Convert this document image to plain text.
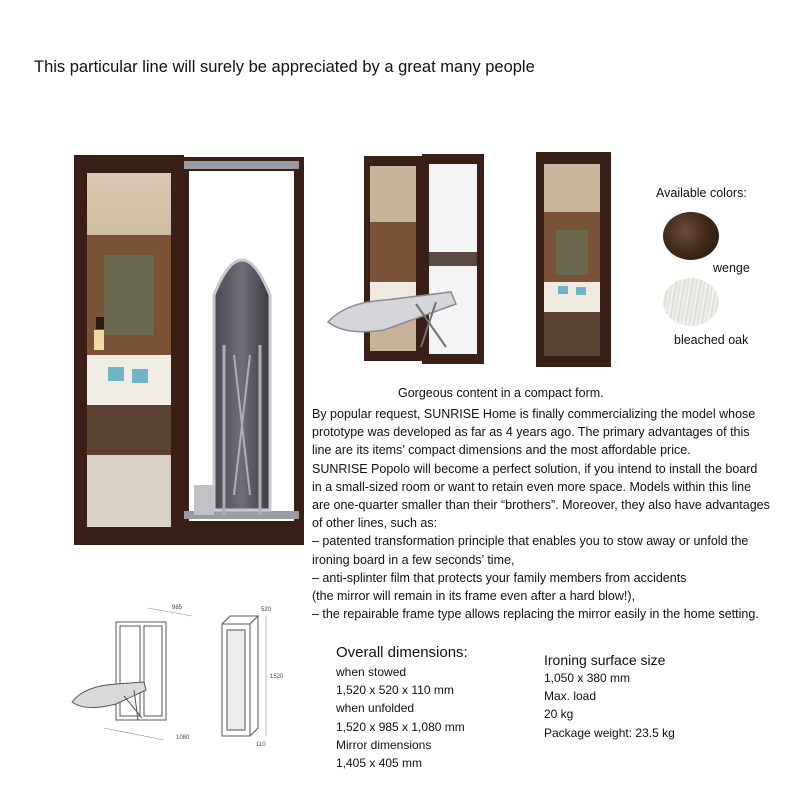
This particular line will surely be appreciated by a great many people
Available colors:
wenge
bleached oak
Gorgeous content in a compact form.
By popular request, SUNRISE Home is finally commercializing the model whose
prototype was developed as far as 4 years ago. The primary advantages of this
line are its items’ compact dimensions and the most affordable price.
SUNRISE Popolo will become a perfect solution, if you intend to install the board
in a small-sized room or want to retain even more space. Models within this line
are one-quarter smaller than their “brothers”. Moreover, they also have advantages
of other lines, such as:
– patented transformation principle that enables you to stow away or unfold the
ironing board in a few seconds’ time,
– anti-splinter film that protects your family members from accidents
(the mirror will remain in its frame even after a hard blow!),
– the repairable frame type allows replacing the mirror easily in the home setting.
985
1080
520
1520
110
Overall dimensions:
when stowed
1,520 x 520 x 110 mm
when unfolded
1,520 x 985 x 1,080 mm
Mirror dimensions
1,405 x 405 mm
Ironing surface size
1,050 x 380 mm
Max. load
20 kg
Package weight: 23.5 kg
